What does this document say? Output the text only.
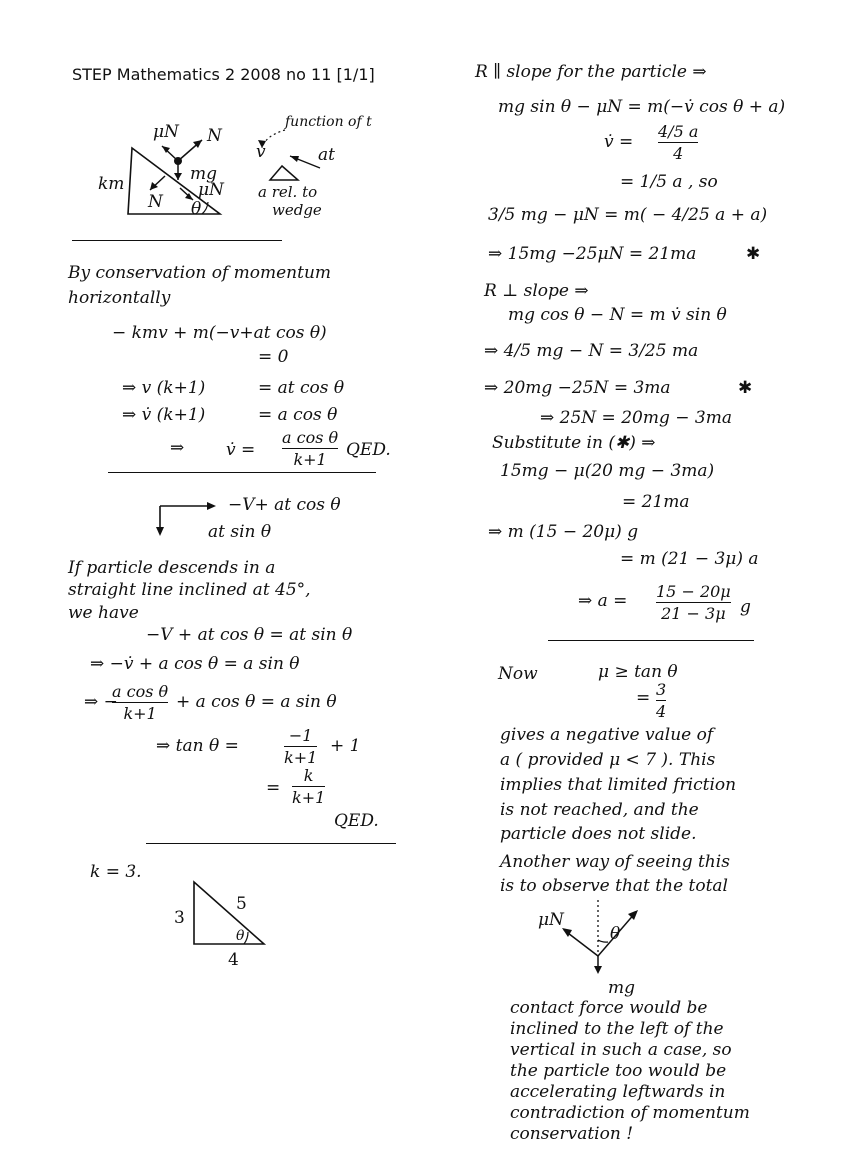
STEP Mathematics 2 2008 no 11 [1/1]
μN N
mg
μN
N θ
km
function of t
v	at
a rel. to
wedge
By conservation of momentum
horizontally
− kmv + m(−v+at cos θ)
= 0
⇒ v (k+1)	= at cos θ
⇒ v̇ (k+1)	= a cos θ
⇒ v̇ =
a cos θ
k+1 QED.
−V+ at cos θ
at sin θ
If particle descends in a
straight line inclined at 45°,
we have
−V + at cos θ = at sin θ
⇒ −v̇ + a cos θ = a sin θ
⇒ −
a cos θ
k+1
+ a cos θ = a sin θ
⇒ tan θ =
−1
k+1
+ 1
=
k
k+1
QED.
k = 3.
3
5
4
θ
R ∥ slope for the particle ⇒
mg sin θ − μN = m(−v̇ cos θ + a)
v̇ =
4/5 a
4
= 1/5 a , so
3/5 mg − μN = m( − 4/25 a + a)
⇒ 15mg −25μN = 21ma	✱
R ⊥ slope ⇒
mg cos θ − N = m v̇ sin θ
⇒ 4/5 mg − N = 3/25 ma
⇒ 20mg −25N = 3ma	✱
⇒ 25N = 20mg − 3ma
Substitute in (✱) ⇒
15mg − μ(20 mg − 3ma)
= 21ma
⇒ m (15 − 20μ) g
= m (21 − 3μ) a
⇒ a = 15 − 20μ
21 − 3μ g
Now	μ ≥ tan θ
= 3
4
gives a negative value of
a ( provided μ < 7 ). This
implies that limited friction
is not reached, and the
particle does not slide.
Another way of seeing this
is to observe that the total
μN
θ
mg
contact force would be
inclined to the left of the
vertical in such a case, so
the particle too would be
accelerating leftwards in
contradiction of momentum
conservation !
